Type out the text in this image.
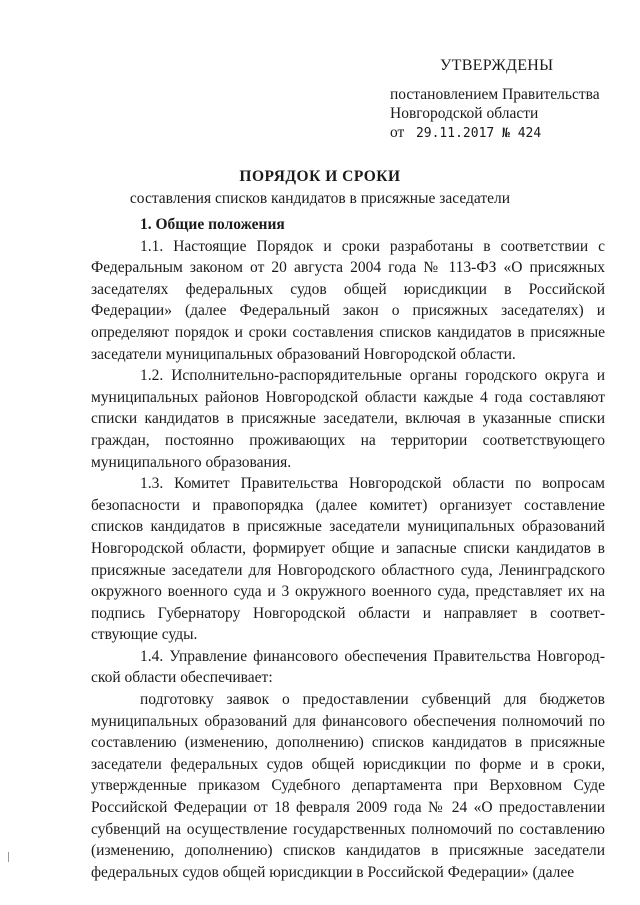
УТВЕРЖДЕНЫ
постановлением Правительства
Новгородской области
от 29.11.2017 № 424
ПОРЯДОК И СРОКИ
составления списков кандидатов в присяжные заседатели

1. Общие положения

1.1. Настоящие Порядок и сроки разработаны в соответствии с Федеральным законом от 20 августа 2004 года № 113-ФЗ «О присяжных заседателях федеральных судов общей юрисдикции в Российской Федерации» (далее Федеральный закон о присяжных заседателях) и определяют порядок и сроки составления списков кандидатов в присяжные заседатели муниципальных образований Новгородской области.

1.2. Исполнительно-распорядительные органы городского округа и муниципальных районов Новгородской области каждые 4 года составляют списки кандидатов в присяжные заседатели, включая в указанные списки граждан, постоянно проживающих на территории соответствующего муниципального образования.

1.3. Комитет Правительства Новгородской области по вопросам безопасности и правопорядка (далее комитет) организует составление списков кандидатов в присяжные заседатели муниципальных образований Новгородской области, формирует общие и запасные списки кандидатов в присяжные заседатели для Новгородского областного суда, Ленинградского окружного военного суда и 3 окружного военного суда, представляет их на подпись Губернатору Новгородской области и направляет в соответствующие суды.

1.4. Управление финансового обеспечения Правительства Новгородской области обеспечивает:

подготовку заявок о предоставлении субвенций для бюджетов муниципальных образований для финансового обеспечения полномочий по составлению (изменению, дополнению) списков кандидатов в присяжные заседатели федеральных судов общей юрисдикции по форме и в сроки, утвержденные приказом Судебного департамента при Верховном Суде Российской Федерации от 18 февраля 2009 года № 24 «О предоставлении субвенций на осуществление государственных полномочий по составлению (изменению, дополнению) списков кандидатов в присяжные заседатели федеральных судов общей юрисдикции в Российской Федерации» (далее
